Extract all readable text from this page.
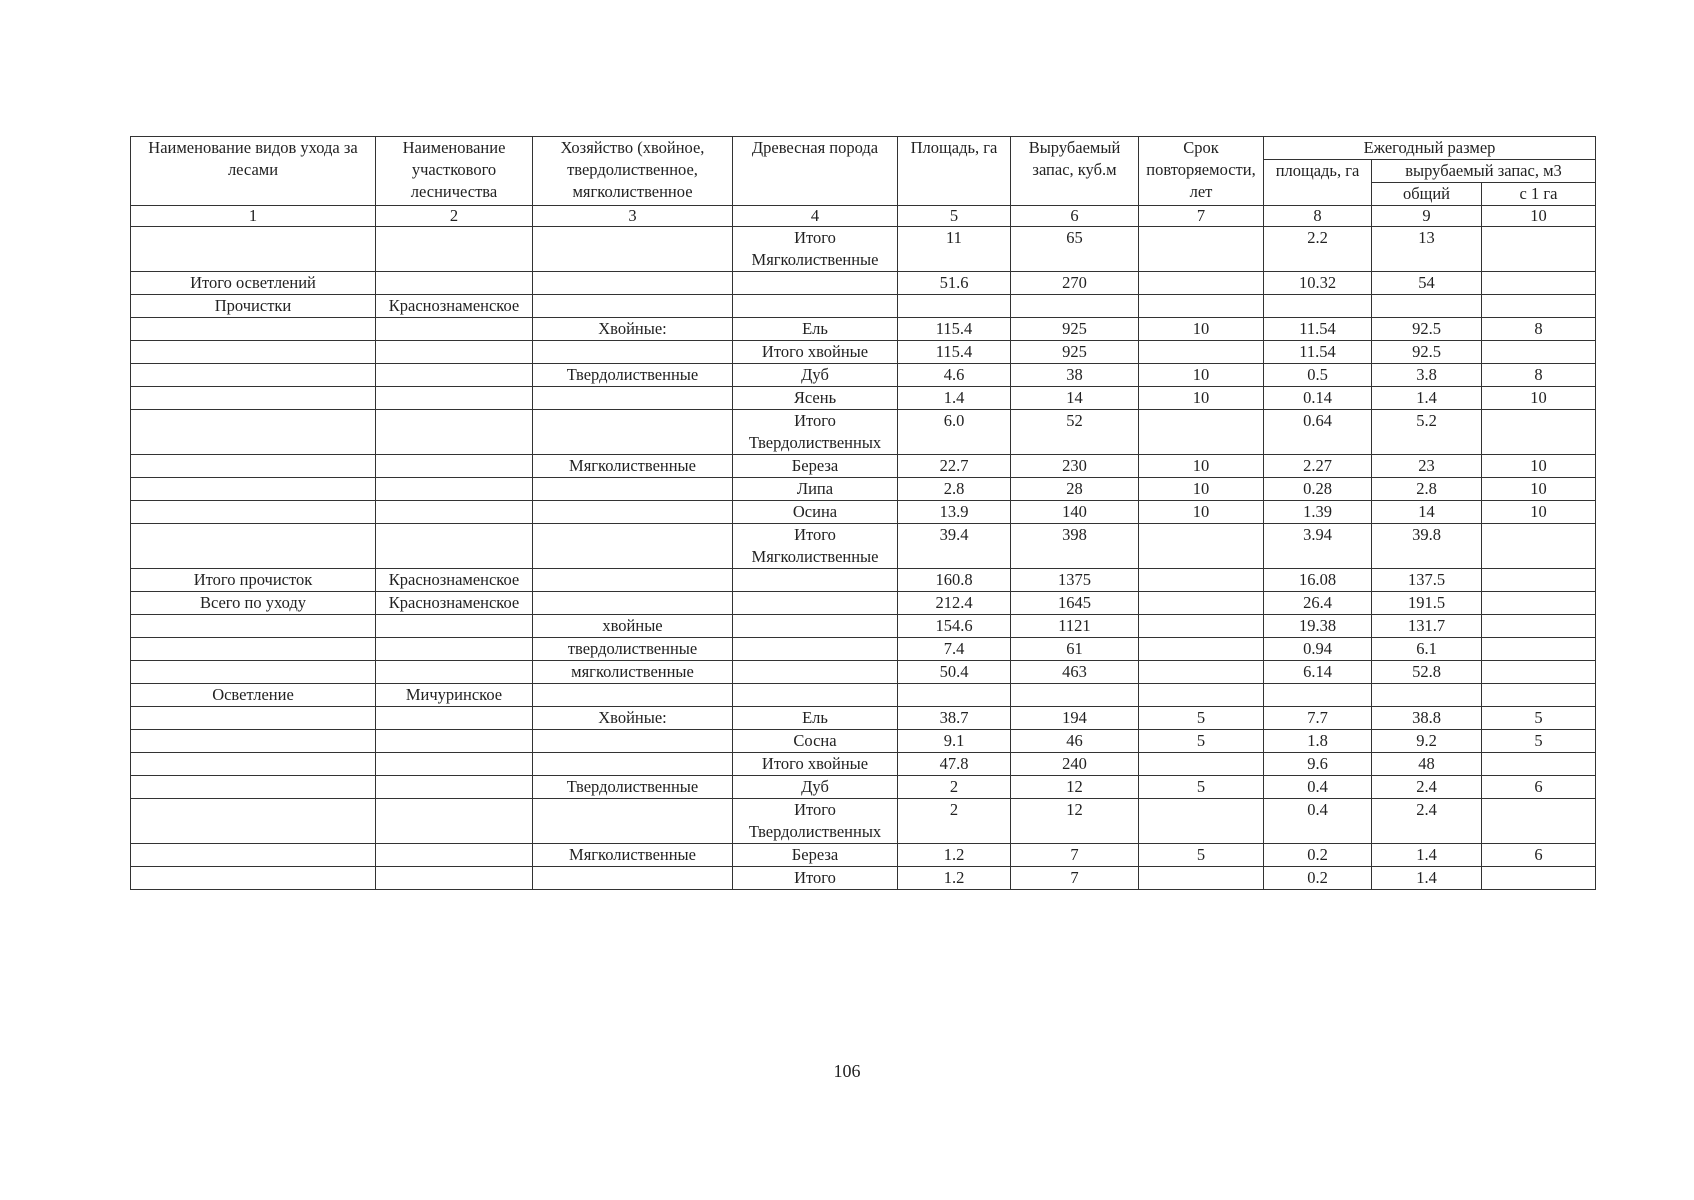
Наименование видов ухода за лесами	Наименование участкового лесничества	Хозяйство (хвойное, твердолиственное, мягколиственное	Древесная порода	Площадь, га	Вырубаемый запас, куб.м	Срок повторяемости, лет	Ежегодный размер		
							площадь, га	вырубаемый запас, м3	
								общий	с 1 га
1	2	3	4	5	6	7	8	9	10
			Итого Мягколиственные	11	65		2.2	13	
Итого осветлений				51.6	270		10.32	54	
Прочистки	Краснознаменское								
		Хвойные:	Ель	115.4	925	10	11.54	92.5	8
			Итого хвойные	115.4	925		11.54	92.5	
		Твердолиственные	Дуб	4.6	38	10	0.5	3.8	8
			Ясень	1.4	14	10	0.14	1.4	10
			Итого Твердолиственных	6.0	52		0.64	5.2	
		Мягколиственные	Береза	22.7	230	10	2.27	23	10
			Липа	2.8	28	10	0.28	2.8	10
			Осина	13.9	140	10	1.39	14	10
			Итого Мягколиственные	39.4	398		3.94	39.8	
Итого прочисток	Краснознаменское			160.8	1375		16.08	137.5	
Всего по уходу	Краснознаменское			212.4	1645		26.4	191.5	
		хвойные		154.6	1121		19.38	131.7	
		твердолиственные		7.4	61		0.94	6.1	
		мягколиственные		50.4	463		6.14	52.8	
Осветление	Мичуринское								
		Хвойные:	Ель	38.7	194	5	7.7	38.8	5
			Сосна	9.1	46	5	1.8	9.2	5
			Итого хвойные	47.8	240		9.6	48	
		Твердолиственные	Дуб	2	12	5	0.4	2.4	6
			Итого Твердолиственных	2	12		0.4	2.4	
		Мягколиственные	Береза	1.2	7	5	0.2	1.4	6
			Итого	1.2	7		0.2	1.4	
106
